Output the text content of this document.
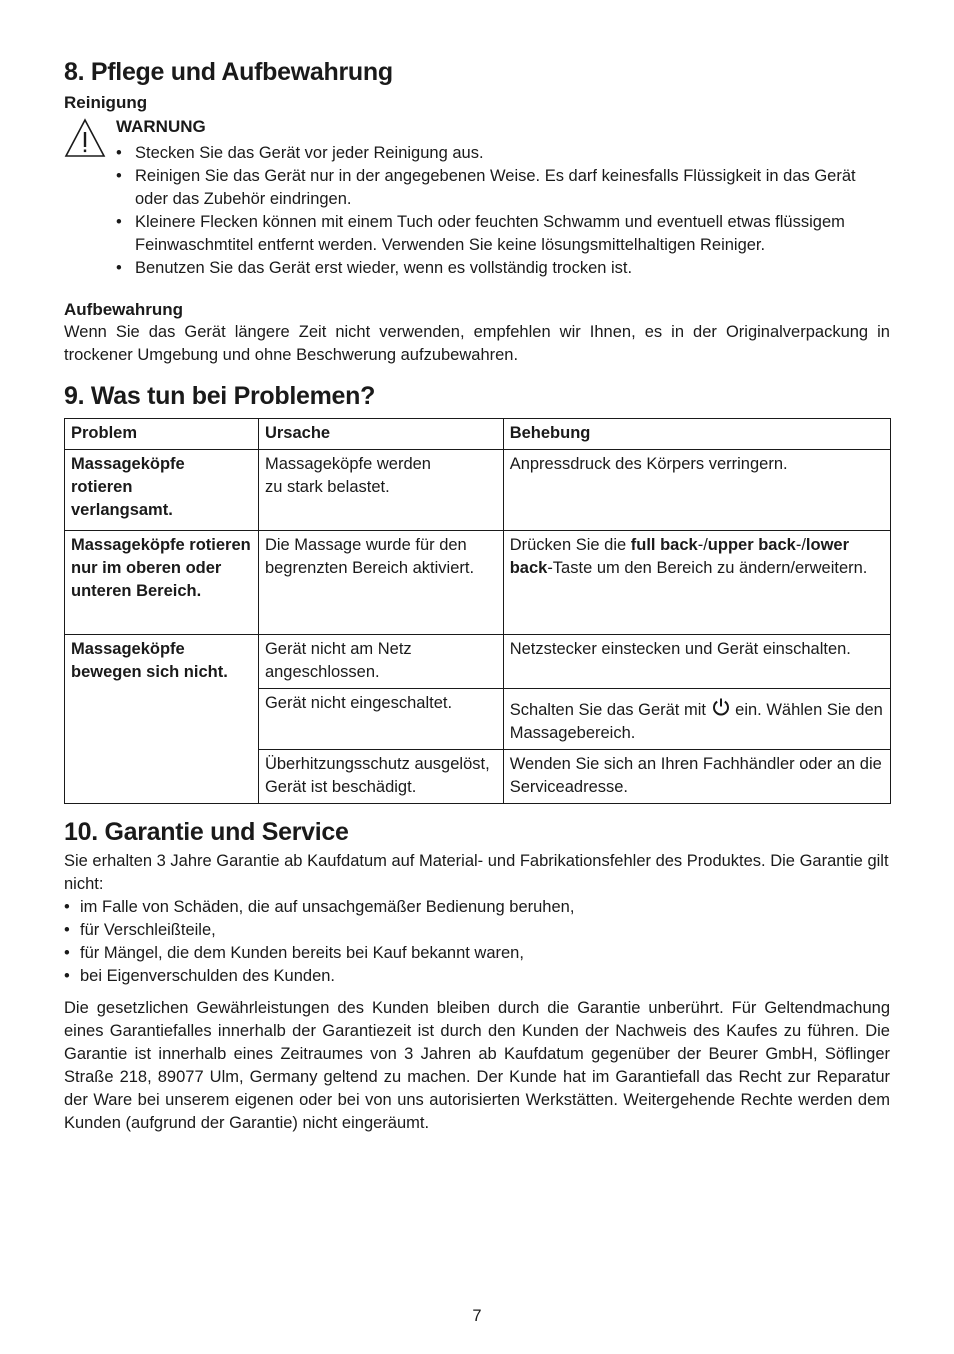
8. Pflege und Aufbewahrung
Reinigung
WARNUNG
• Stecken Sie das Gerät vor jeder Reinigung aus.
• Reinigen Sie das Gerät nur in der angegebenen Weise. Es darf keinesfalls Flüssigkeit in das Gerät oder das Zubehör eindringen.
• Kleinere Flecken können mit einem Tuch oder feuchten Schwamm und eventuell etwas flüssigem Feinwaschmtitel entfernt werden. Verwenden Sie keine lösungsmittelhaltigen Reiniger.
• Benutzen Sie das Gerät erst wieder, wenn es vollständig trocken ist.
Aufbewahrung

Wenn Sie das Gerät längere Zeit nicht verwenden, empfehlen wir Ihnen, es in der Originalverpackung in trockener Umgebung und ohne Beschwerung aufzubewahren.

9. Was tun bei Problemen?
Problem	Ursache	Behebung
Massageköpfe rotieren verlangsamt.	Massageköpfe werden zu stark belastet.	Anpressdruck des Körpers verringern.
Massageköpfe rotieren nur im oberen oder unteren Bereich.	Die Massage wurde für den begrenzten Bereich aktiviert.	Drücken Sie die full back-/upper back-/lower back-Taste um den Bereich zu ändern/erweitern.
Massageköpfe bewegen sich nicht.	Gerät nicht am Netz angeschlossen.	Netzstecker einstecken und Gerät einschalten.
	Gerät nicht eingeschaltet.	Schalten Sie das Gerät mit  ein. Wählen Sie den Massagebereich.
	Überhitzungsschutz ausgelöst, Gerät ist beschädigt.	Wenden Sie sich an Ihren Fachhändler oder an die Serviceadresse.
10. Garantie und Service

Sie erhalten 3 Jahre Garantie ab Kaufdatum auf Material- und Fabrikationsfehler des Produktes. Die Garantie gilt nicht:

• im Falle von Schäden, die auf unsachgemäßer Bedienung beruhen,
• für Verschleißteile,
• für Mängel, die dem Kunden bereits bei Kauf bekannt waren,
• bei Eigenverschulden des Kunden.

Die gesetzlichen Gewährleistungen des Kunden bleiben durch die Garantie unberührt. Für Geltendmachung eines Garantiefalles innerhalb der Garantiezeit ist durch den Kunden der Nachweis des Kaufes zu führen. Die Garantie ist innerhalb eines Zeitraumes von 3 Jahren ab Kaufdatum gegenüber der Beurer GmbH, Söflinger Straße 218, 89077 Ulm, Germany geltend zu machen. Der Kunde hat im Garantiefall das Recht zur Reparatur der Ware bei unserem eigenen oder bei von uns autorisierten Werkstätten. Weitergehende Rechte werden dem Kunden (aufgrund der Garantie) nicht eingeräumt.

7
